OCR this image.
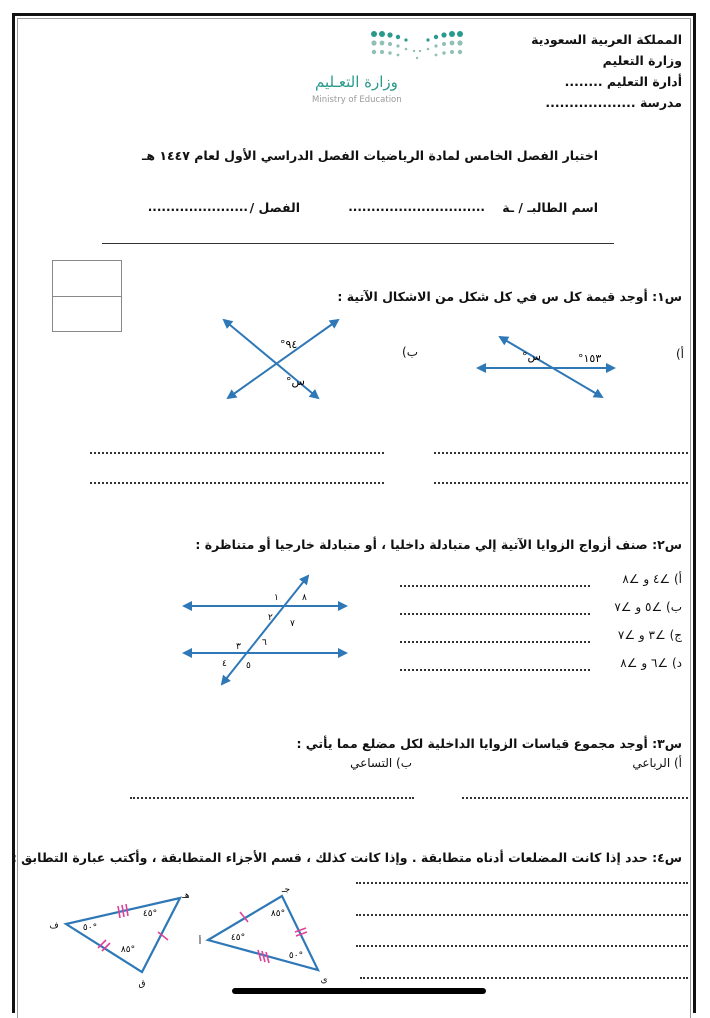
المملكة العربية السعودية
وزارة التعليم
أدارة التعليم ........
مدرسة ...................
وزارة التعـليم
Ministry of Education
اختبار الفصل الخامس لمادة الرياضيات الفصل الدراسي الأول لعام ١٤٤٧ هـ
اسم الطالبـ / ـة
..............................
الفصل /
......................
س١: أوجد قيمة كل س في كل شكل من الاشكال الآتية :
أ)
ب)	١٥٣°
س°
٩٤°
س°
س٢: صنف أزواج الزوايا الآتية إلي متبادلة داخليا ، أو متبادلة خارجيا أو متناظرة :
أ) ∠٤ و ∠٨
ب) ∠٥ و ∠٧
ج) ∠٣ و ∠٧
د) ∠٦ و ∠٨
١
٢
٣
٤ ٥
٦
٧
٨
س٣: أوجد مجموع قياسات الزوايا الداخلية لكل مضلع مما يأتي :
أ) الرباعي
ب) التساعي
س٤: حدد إذا كانت المضلعات أدناه متطابقة . وإذا كانت كذلك ، قسم الأجزاء المتطابقة ، وأكتب عبارة التطابق :
جـ
أ
ي
٨٥°
٤٥°
٥٠°
هـ
ف
ق
٤٥°
٥٠°
٨٥°
